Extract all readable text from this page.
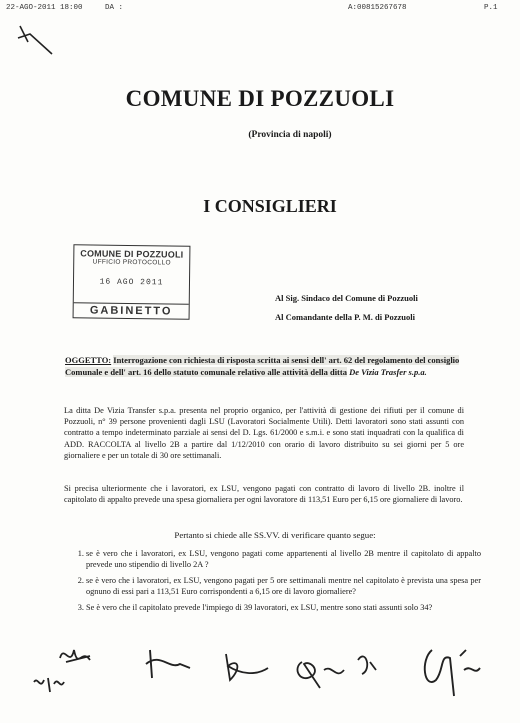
22-AGO-2011 18:00	DA :	A:00815267678	P.1
COMUNE DI POZZUOLI
(Provincia di napoli)
I CONSIGLIERI
COMUNE DI POZZUOLI
UFFICIO PROTOCOLLO
16 AGO 2011
GABINETTO
Al Sig. Sindaco del Comune di Pozzuoli
Al Comandante della P. M. di Pozzuoli
OGGETTO: Interrogazione con richiesta di risposta scritta ai sensi dell' art. 62 del regolamento del consiglio Comunale e dell' art. 16 dello statuto comunale relativo alle attività della ditta De Vizia Trasfer s.p.a.
La ditta De Vizia Transfer s.p.a. presenta nel proprio organico, per l'attività di gestione dei rifiuti per il comune di Pozzuoli, n° 39 persone provenienti dagli LSU (Lavoratori Socialmente Utili). Detti lavoratori sono stati assunti con contratto a tempo indeterminato parziale ai sensi del D. Lgs. 61/2000 e s.m.i. e sono stati inquadrati con la qualifica di ADD. RACCOLTA al livello 2B a partire dal 1/12/2010 con orario di lavoro distribuito su sei giorni per 5 ore giornaliere e per un totale di 30 ore settimanali.
Si precisa ulteriormente che i lavoratori, ex LSU, vengono pagati con contratto di lavoro di livello 2B. inoltre il capitolato di appalto prevede una spesa giornaliera per ogni lavoratore di 113,51 Euro per 6,15 ore giornaliere di lavoro.
Pertanto si chiede alle SS.VV. di verificare quanto segue:
1. se è vero che i lavoratori, ex LSU, vengono pagati come appartenenti al livello 2B mentre il capitolato di appalto prevede uno stipendio di livello 2A ?
2. se è vero che i lavoratori, ex LSU, vengono pagati per 5 ore settimanali mentre nel capitolato è prevista una spesa per ognuno di essi pari a 113,51 Euro corrispondenti a 6,15 ore di lavoro giornaliere?
3. Se è vero che il capitolato prevede l'impiego di 39 lavoratori, ex LSU, mentre sono stati assunti solo 34?
